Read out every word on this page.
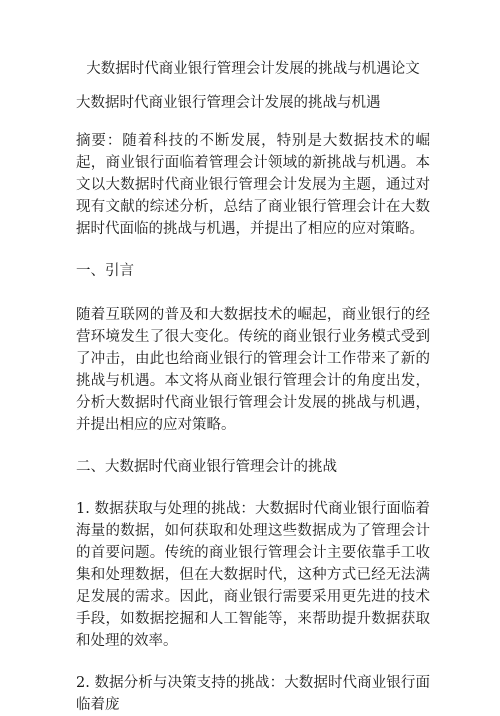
大数据时代商业银行管理会计发展的挑战与机遇论文
大数据时代商业银行管理会计发展的挑战与机遇

摘要：随着科技的不断发展，特别是大数据技术的崛起，商业银行面临着管理会计领域的新挑战与机遇。本文以大数据时代商业银行管理会计发展为主题，通过对现有文献的综述分析，总结了商业银行管理会计在大数据时代面临的挑战与机遇，并提出了相应的应对策略。

一、引言

随着互联网的普及和大数据技术的崛起，商业银行的经营环境发生了很大变化。传统的商业银行业务模式受到了冲击，由此也给商业银行的管理会计工作带来了新的挑战与机遇。本文将从商业银行管理会计的角度出发，分析大数据时代商业银行管理会计发展的挑战与机遇，并提出相应的应对策略。

二、大数据时代商业银行管理会计的挑战

1. 数据获取与处理的挑战：大数据时代商业银行面临着海量的数据，如何获取和处理这些数据成为了管理会计的首要问题。传统的商业银行管理会计主要依靠手工收集和处理数据，但在大数据时代，这种方式已经无法满足发展的需求。因此，商业银行需要采用更先进的技术手段，如数据挖掘和人工智能等，来帮助提升数据获取和处理的效率。

2. 数据分析与决策支持的挑战：大数据时代商业银行面临着庞
